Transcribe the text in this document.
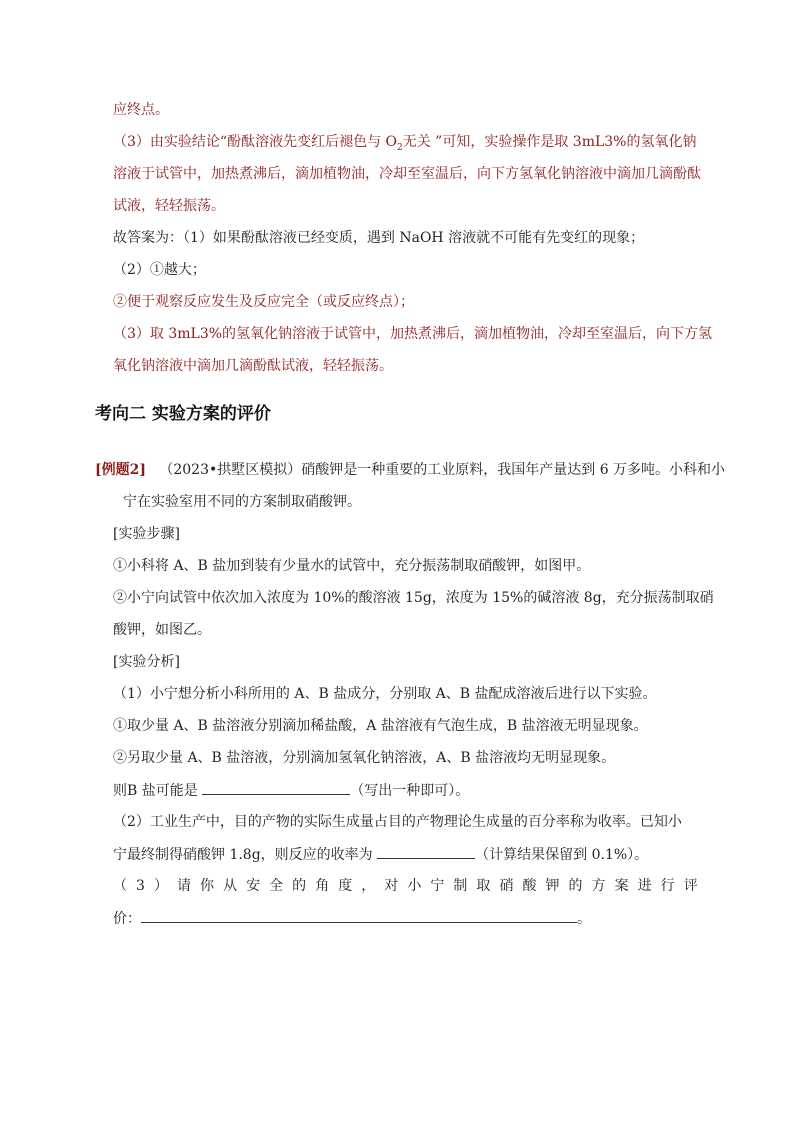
应终点。
（3）由实验结论“酚酞溶液先变红后褪色与 $O_2$无关 ”可知，实验操作是取 3mL3%的氢氧化钠
溶液于试管中，加热煮沸后，滴加植物油，冷却至室温后，向下方氢氧化钠溶液中滴加几滴酚酞
试液，轻轻振荡。
故答案为：（1）如果酚酞溶液已经变质，遇到 NaOH 溶液就不可能有先变红的现象；
（2）①越大；
②便于观察反应发生及反应完全（或反应终点）；
（3）取 3mL3%的氢氧化钠溶液于试管中，加热煮沸后，滴加植物油，冷却至室温后，向下方氢
氧化钠溶液中滴加几滴酚酞试液，轻轻振荡。
考向二 实验方案的评价
[例题2] （2023•拱墅区模拟）硝酸钾是一种重要的工业原料，我国年产量达到 6 万多吨。小科和小
宁在实验室用不同的方案制取硝酸钾。
[实验步骤]
①小科将 A、B 盐加到装有少量水的试管中，充分振荡制取硝酸钾，如图甲。
②小宁向试管中依次加入浓度为 10%的酸溶液 15g，浓度为 15%的碱溶液 8g，充分振荡制取硝
酸钾，如图乙。
[实验分析]
（1）小宁想分析小科所用的 A、B 盐成分，分别取 A、B 盐配成溶液后进行以下实验。
①取少量 A、B 盐溶液分别滴加稀盐酸，A 盐溶液有气泡生成，B 盐溶液无明显现象。
②另取少量 A、B 盐溶液，分别滴加氢氧化钠溶液，A、B 盐溶液均无明显现象。
则B 盐可能是	（写出一种即可）。
（2）工业生产中，目的产物的实际生成量占目的产物理论生成量的百分率称为收率。已知小
宁最终制得硝酸钾 1.8g，则反应的收率为	（计算结果保留到 0.1%）。
（ 3 ） 请 你 从 安 全 的 角 度 ， 对 小 宁 制 取 硝 酸 钾 的 方 案 进 行 评
价：	。
